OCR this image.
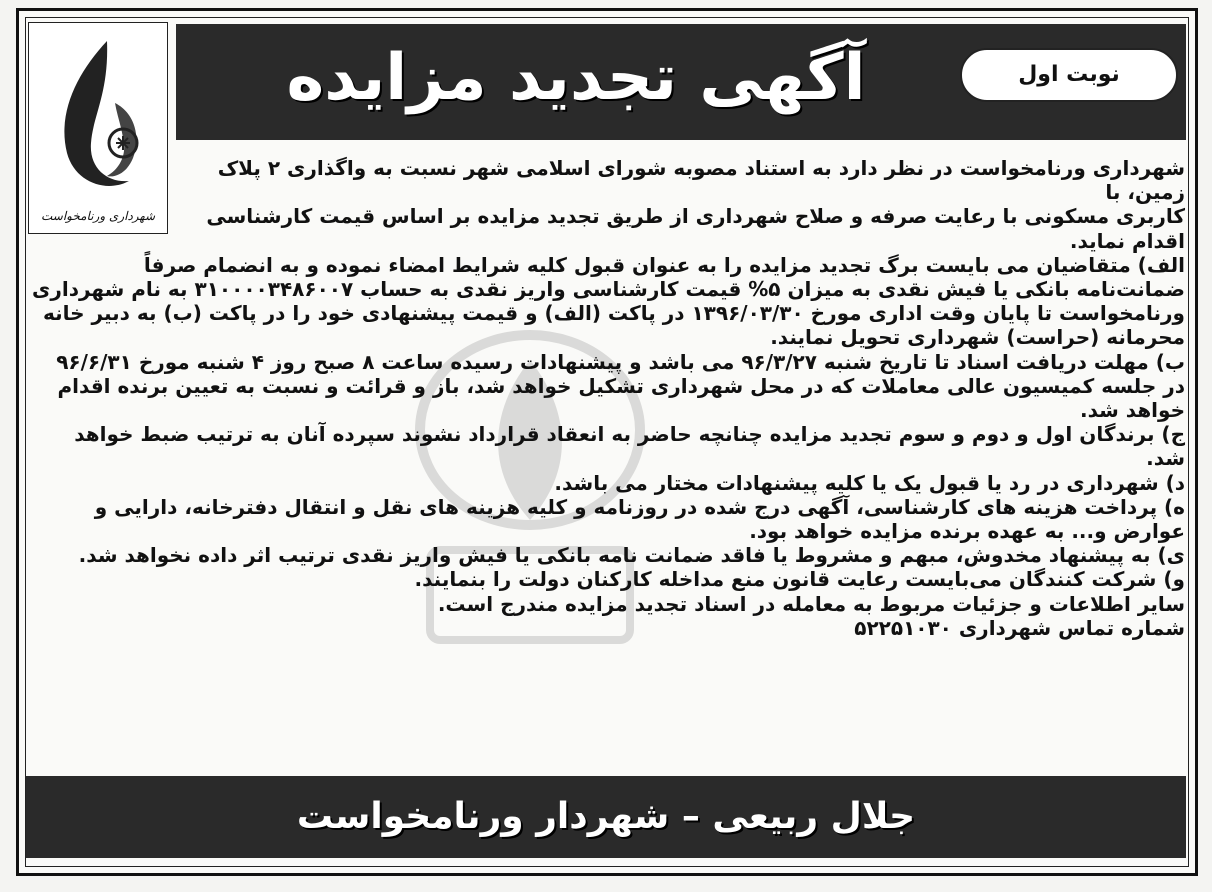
آگهی تجدید مزایده	نوبت اول
شهرداری ورنامخواست
شهرداری ورنامخواست در نظر دارد به استناد مصوبه شورای اسلامی شهر نسبت به واگذاری ۲ پلاک زمین، با
کاربری مسکونی با رعایت صرفه و صلاح شهرداری از طریق تجدید مزایده بر اساس قیمت کارشناسی اقدام نماید.
الف) متقاضیان می بایست برگ تجدید مزایده را به عنوان قبول کلیه شرایط امضاء نموده و به انضمام صرفاً ضمانت‌نامه بانکی یا فیش نقدی به میزان ۵% قیمت کارشناسی واریز نقدی به حساب ۳۱۰۰۰۰۳۴۸۶۰۰۷ به نام شهرداری ورنامخواست تا پایان وقت اداری مورخ ۱۳۹۶/۰۳/۳۰ در پاکت (الف) و قیمت پیشنهادی خود را در پاکت (ب) به دبیر خانه محرمانه (حراست) شهرداری تحویل نمایند.
ب) مهلت دریافت اسناد تا تاریخ شنبه ۹۶/۳/۲۷ می باشد و پیشنهادات رسیده ساعت ۸ صبح روز ۴ شنبه مورخ ۹۶/۶/۳۱ در جلسه کمیسیون عالی معاملات که در محل شهرداری تشکیل خواهد شد، باز و قرائت و نسبت به تعیین برنده اقدام خواهد شد.
ج) برندگان اول و دوم و سوم تجدید مزایده چنانچه حاضر به انعقاد قرارداد نشوند سپرده آنان به ترتیب ضبط خواهد شد.
د) شهرداری در رد یا قبول یک یا کلیه پیشنهادات مختار می باشد.
ه) پرداخت هزینه های کارشناسی، آگهی درج شده در روزنامه و کلیه هزینه های نقل و انتقال دفترخانه، دارایی و عوارض و... به عهده برنده مزایده خواهد بود.
ی) به پیشنهاد مخدوش، مبهم و مشروط یا فاقد ضمانت نامه بانکی یا فیش واریز نقدی ترتیب اثر داده نخواهد شد.
و) شرکت کنندگان می‌بایست رعایت قانون منع مداخله کارکنان دولت را بنمایند.
سایر اطلاعات و جزئیات مربوط به معامله در اسناد تجدید مزایده مندرج است.
شماره تماس شهرداری ۵۲۲۵۱۰۳۰
جلال ربیعی – شهردار ورنامخواست
